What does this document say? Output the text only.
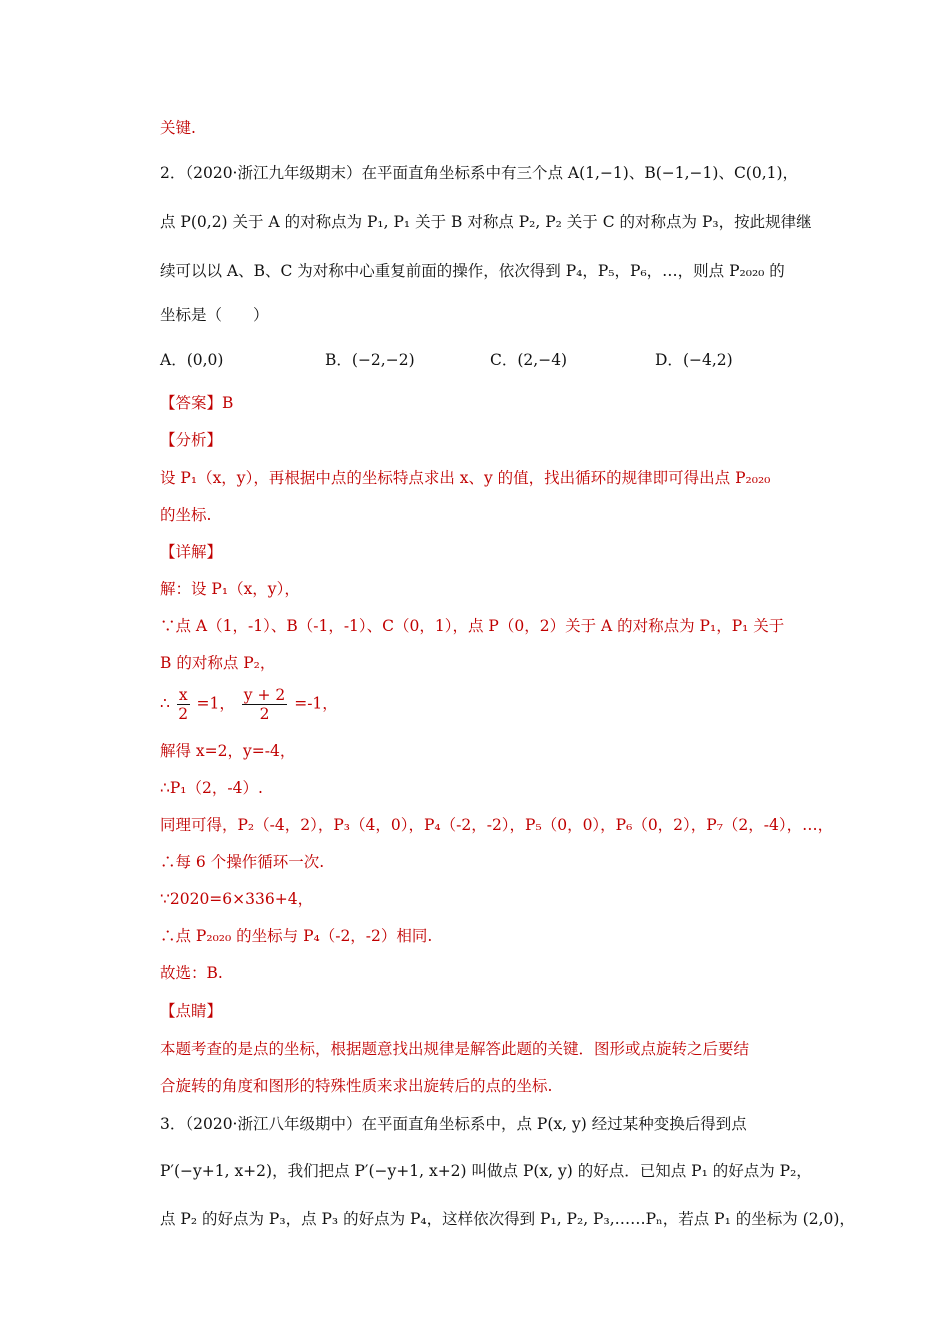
关键.
2．（2020·浙江九年级期末）在平面直角坐标系中有三个点 A(1,−1)、B(−1,−1)、C(0,1)，
点 P(0,2) 关于 A 的对称点为 P₁, P₁ 关于 B 对称点 P₂, P₂ 关于 C 的对称点为 P₃，按此规律继
续可以以 A、B、C 为对称中心重复前面的操作，依次得到 P₄，P₅，P₆，…，则点 P₂₀₂₀ 的
坐标是（　　）
A．(0,0)	B．(−2,−2)	C．(2,−4)	D．(−4,2)
【答案】B
【分析】
设 P₁（x，y），再根据中点的坐标特点求出 x、y 的值，找出循环的规律即可得出点 P₂₀₂₀
的坐标.
【详解】
解：设 P₁（x，y），
∵点 A（1，-1）、B（-1，-1）、C（0，1），点 P（0，2）关于 A 的对称点为 P₁，P₁ 关于
B 的对称点 P₂，
∴ $\frac{x}{2} =1$， $\frac{y + 2}{2} =-1$，
解得 x=2，y=-4，
∴P₁（2，-4）.
同理可得，P₂（-4，2），P₃（4，0），P₄（-2，-2），P₅（0，0），P₆（0，2），P₇（2，-4），…，
∴每 6 个操作循环一次.
∵2020=6×336+4，
∴点 P₂₀₂₀ 的坐标与 P₄（-2，-2）相同.
故选：B.
【点睛】
本题考查的是点的坐标，根据题意找出规律是解答此题的关键．图形或点旋转之后要结
合旋转的角度和图形的特殊性质来求出旋转后的点的坐标.
3．（2020·浙江八年级期中）在平面直角坐标系中，点 P(x, y) 经过某种变换后得到点
P′(−y+1, x+2)，我们把点 P′(−y+1, x+2) 叫做点 P(x, y) 的好点．已知点 P₁ 的好点为 P₂，
点 P₂ 的好点为 P₃，点 P₃ 的好点为 P₄，这样依次得到 P₁, P₂, P₃,……Pₙ，若点 P₁ 的坐标为 (2,0)，
